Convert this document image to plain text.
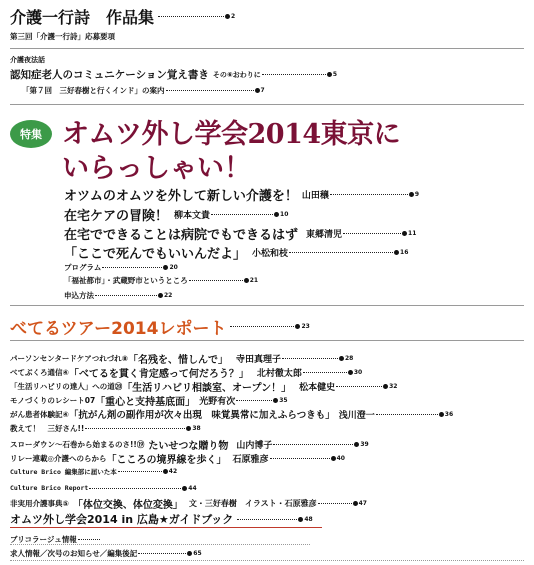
介護一行詩　作品集	2
第三回「介護一行詩」応募要項
介護夜法話
認知症老人のコミュニケーション覚え書き その⑥おわりに	5
「第７回　三好春樹と行くインド」の案内	7
特集 オムツ外し学会2014東京に
いらっしゃい！
オツムのオムツを外して新しい介護を！ 山田穣	9
在宅ケアの冒険！ 柳本文貴	10
在宅でできることは病院でもできるはず 東郷清児	11
「ここで死んでもいいんだよ」 小松和枝	16
プログラム	20
「福祉都市」・武蔵野市というところ	21
申込方法	22
べてるツアー2014レポート	23
パーソンセンタードケアつれづれ⑧ 「名残を、惜しんで」 寺田真理子	28
べてぶくろ通信④ 「べてるを貫く肯定感って何だろう？」 北村徹太郎	30
「生活リハビリの達人」への道⑳ 「生活リハビリ相談室、オープン！」 松本健史	32
モノづくりのレシート07 「重心と支持基底面」 光野有次	35
がん患者体験記④ 「抗がん剤の副作用が次々出現　味覚異常に加えふらつきも」 浅川澄一	36
教えて！　三好さん!!	38
スローダウン〜石巻から始まるのさ!!⑲ たいせつな贈り物 山内博子	39
リレー連載◎介護へのらから 「こころの境界線を歩く」 石原雅彦	40
Culture Brico 編集部に届いた本	42
Culture Brico Report	44
非実用介護事典⑤ 「体位交換、体位変換」 文・三好春樹　イラスト・石原雅彦	47
オムツ外し学会2014 in 広島★ガイドブック	48
ブリコラージュ情報
求人情報／次号のお知らせ／編集後記	65
